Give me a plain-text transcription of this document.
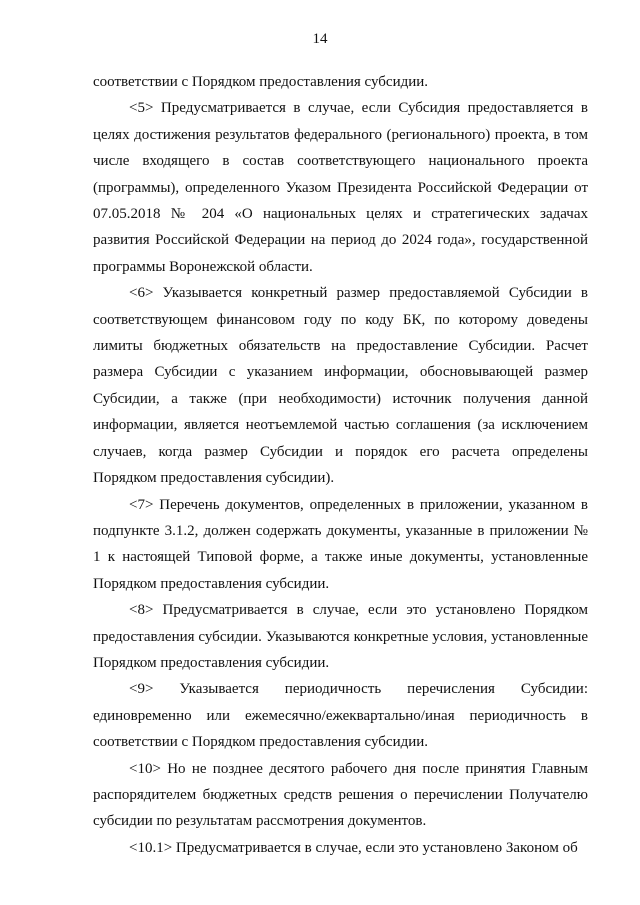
14

соответствии с Порядком предоставления субсидии.

<5> Предусматривается в случае, если Субсидия предоставляется в целях достижения результатов федерального (регионального) проекта, в том числе входящего в состав соответствующего национального проекта (программы), определенного Указом Президента Российской Федерации от 07.05.2018 № 204 «О национальных целях и стратегических задачах развития Российской Федерации на период до 2024 года», государственной программы Воронежской области.

<6> Указывается конкретный размер предоставляемой Субсидии в соответствующем финансовом году по коду БК, по которому доведены лимиты бюджетных обязательств на предоставление Субсидии. Расчет размера Субсидии с указанием информации, обосновывающей размер Субсидии, а также (при необходимости) источник получения данной информации, является неотъемлемой частью соглашения (за исключением случаев, когда размер Субсидии и порядок его расчета определены Порядком предоставления субсидии).

<7> Перечень документов, определенных в приложении, указанном в подпункте 3.1.2, должен содержать документы, указанные в приложении № 1 к настоящей Типовой форме, а также иные документы, установленные Порядком предоставления субсидии.

<8> Предусматривается в случае, если это установлено Порядком предоставления субсидии. Указываются конкретные условия, установленные Порядком предоставления субсидии.

<9> Указывается периодичность перечисления Субсидии: единовременно или ежемесячно/ежеквартально/иная периодичность в соответствии с Порядком предоставления субсидии.

<10> Но не позднее десятого рабочего дня после принятия Главным распорядителем бюджетных средств решения о перечислении Получателю субсидии по результатам рассмотрения документов.

<10.1> Предусматривается в случае, если это установлено Законом об
